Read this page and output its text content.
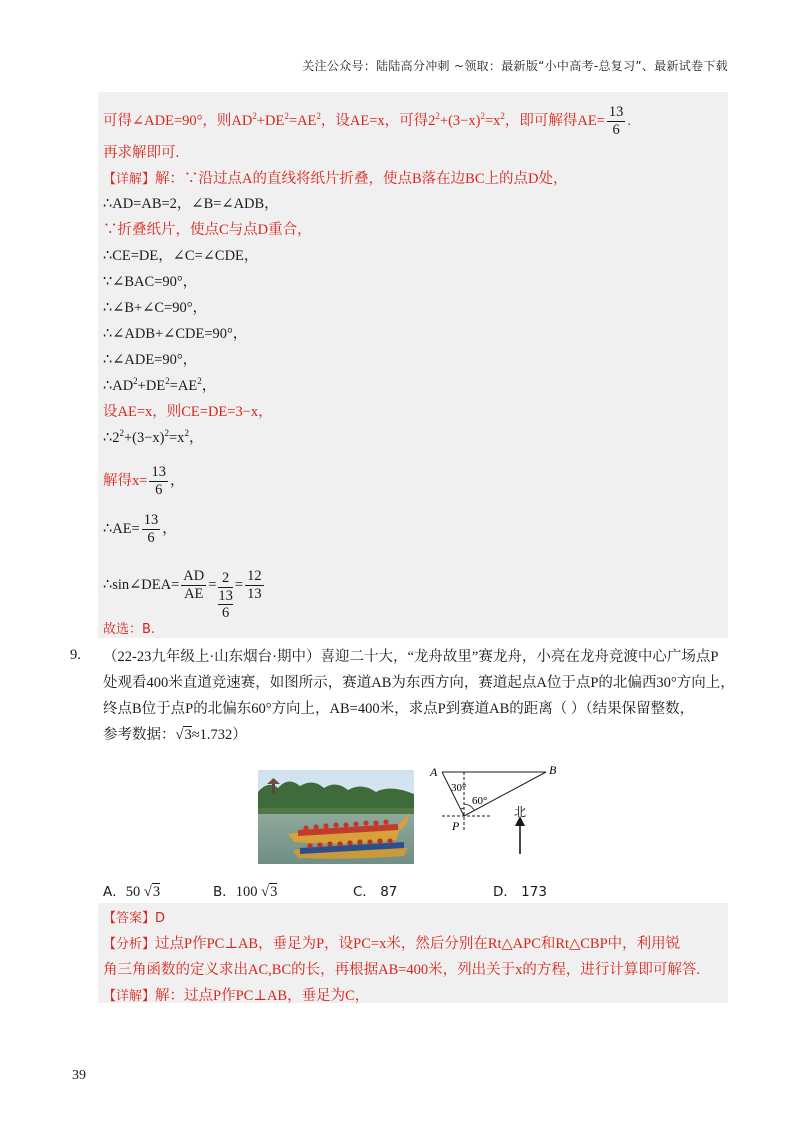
关注公众号：陆陆高分冲刺 ~领取：最新版“小中高考-总复习”、最新试卷下载
可得∠ADE=90°，则$AD^2+DE^2=AE^2$，设AE=x，可得$2^2+(3-x)^2=x^2$，即可解得$AE= \frac{13}{6}$ .
再求解即可.
【详解】解：∵沿过点A的直线将纸片折叠，使点B落在边BC上的点D处，
∴AD=AB=2，∠B=∠ADB，
∵折叠纸片，使点C与点D重合，
∴CE=DE，∠C=∠CDE，
∵∠BAC=90°，
∴∠B+∠C=90°，
∴∠ADB+∠CDE=90°，
∴∠ADE=90°，
$\therefore AD^2+DE^2=AE^2$，
设AE=x，则CE=DE=3−x，
$\therefore 2^2+(3-x)^2=x^2$，
解得$x= \frac{13}{6}$ ，
∴AE= $\frac{13}{6}$ ，
∴sin∠DEA= $\frac{AD}{AE} = 2$
13
$6 = \frac{12}{13}$
故选：B.
9. （22-23九年级上·山东烟台·期中）喜迎二十大，“龙舟故里”赛龙舟，小亮在龙舟竞渡中心广场点P
处观看400米直道竞速赛，如图所示，赛道AB为东西方向，赛道起点A位于点P的北偏西30°方向上，
终点B位于点P的北偏东60°方向上，AB=400米，求点P到赛道AB的距离（ ）（结果保留整数，
参考数据：√3≈1.732）
A	B
P
30°
60°
北
A．50 √3	B．100 √3	C． 87	D． 173
【答案】D
【分析】过点P作PC⊥AB，垂足为P，设PC=x米，然后分别在Rt△APC和Rt△CBP中，利用锐
角三角函数的定义求出AC,BC的长，再根据AB=400米，列出关于x的方程，进行计算即可解答.
【详解】解：过点P作PC⊥AB，垂足为C，
39
